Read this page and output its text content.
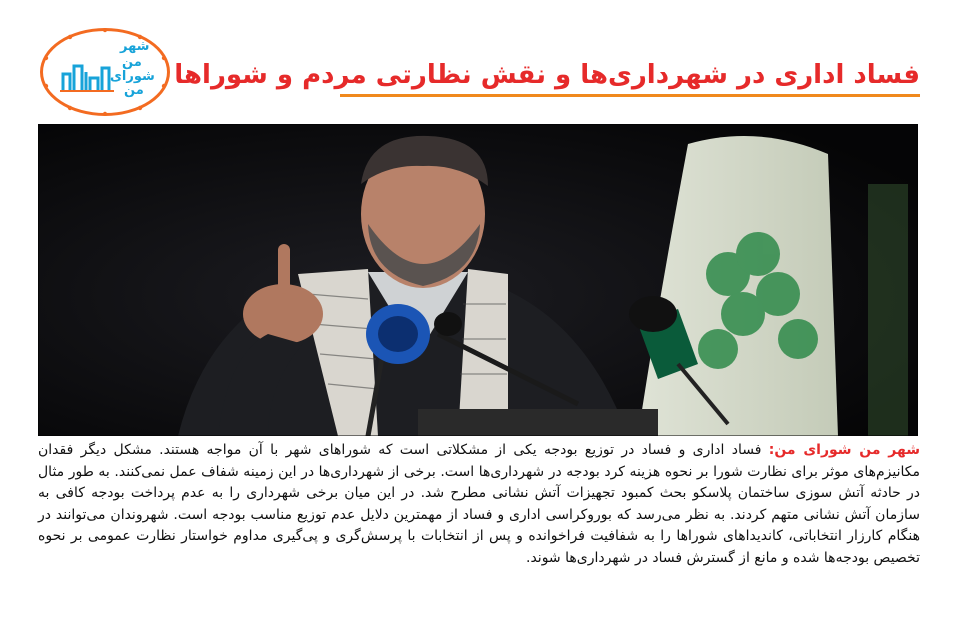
شهر
من
شورای
من
فساد اداری در شهرداری‌ها و نقش نظارتی مردم و شوراها
شهر من شورای من: فساد اداری و فساد در توزیع بودجه یکی از مشکلاتی است که شوراهای شهر با آن مواجه هستند. مشکل دیگر فقدان مکانیزم‌های موثر برای نظارت شورا بر نحوه هزینه کرد بودجه در شهرداری‌ها است. برخی از شهرداری‌ها در این زمینه شفاف عمل نمی‌کنند. به طور مثال در حادثه آتش سوزی ساختمان پلاسکو بحث کمبود تجهیزات آتش نشانی مطرح شد. در این میان برخی شهرداری را به عدم پرداخت بودجه کافی به سازمان آتش نشانی متهم کردند. به نظر می‌رسد که بوروکراسی اداری و فساد از مهمترین دلایل عدم توزیع مناسب بودجه است. شهروندان می‌توانند در هنگام کارزار انتخاباتی، کاندیداهای شوراها را به شفافیت فراخوانده و پس از انتخابات با پرسش‌گری و پی‌گیری مداوم خواستار نظارت عمومی بر نحوه تخصیص بودجه‌ها شده و مانع از گسترش فساد در شهرداری‌ها شوند.
